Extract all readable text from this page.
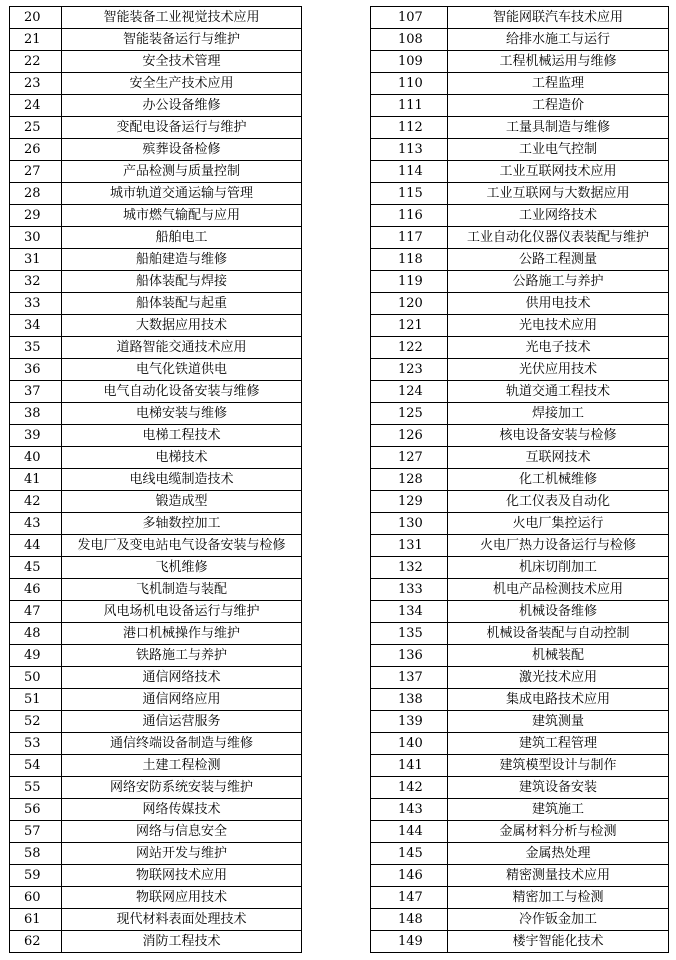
20	智能装备工业视觉技术应用
21	智能装备运行与维护
22	安全技术管理
23	安全生产技术应用
24	办公设备维修
25	变配电设备运行与维护
26	殡葬设备检修
27	产品检测与质量控制
28	城市轨道交通运输与管理
29	城市燃气输配与应用
30	船舶电工
31	船舶建造与维修
32	船体装配与焊接
33	船体装配与起重
34	大数据应用技术
35	道路智能交通技术应用
36	电气化铁道供电
37	电气自动化设备安装与维修
38	电梯安装与维修
39	电梯工程技术
40	电梯技术
41	电线电缆制造技术
42	锻造成型
43	多轴数控加工
44	发电厂及变电站电气设备安装与检修
45	飞机维修
46	飞机制造与装配
47	风电场机电设备运行与维护
48	港口机械操作与维护
49	铁路施工与养护
50	通信网络技术
51	通信网络应用
52	通信运营服务
53	通信终端设备制造与维修
54	土建工程检测
55	网络安防系统安装与维护
56	网络传媒技术
57	网络与信息安全
58	网站开发与维护
59	物联网技术应用
60	物联网应用技术
61	现代材料表面处理技术
62	消防工程技术
107	智能网联汽车技术应用
108	给排水施工与运行
109	工程机械运用与维修
110	工程监理
111	工程造价
112	工量具制造与维修
113	工业电气控制
114	工业互联网技术应用
115	工业互联网与大数据应用
116	工业网络技术
117	工业自动化仪器仪表装配与维护
118	公路工程测量
119	公路施工与养护
120	供用电技术
121	光电技术应用
122	光电子技术
123	光伏应用技术
124	轨道交通工程技术
125	焊接加工
126	核电设备安装与检修
127	互联网技术
128	化工机械维修
129	化工仪表及自动化
130	火电厂集控运行
131	火电厂热力设备运行与检修
132	机床切削加工
133	机电产品检测技术应用
134	机械设备维修
135	机械设备装配与自动控制
136	机械装配
137	激光技术应用
138	集成电路技术应用
139	建筑测量
140	建筑工程管理
141	建筑模型设计与制作
142	建筑设备安装
143	建筑施工
144	金属材料分析与检测
145	金属热处理
146	精密测量技术应用
147	精密加工与检测
148	冷作钣金加工
149	楼宇智能化技术
